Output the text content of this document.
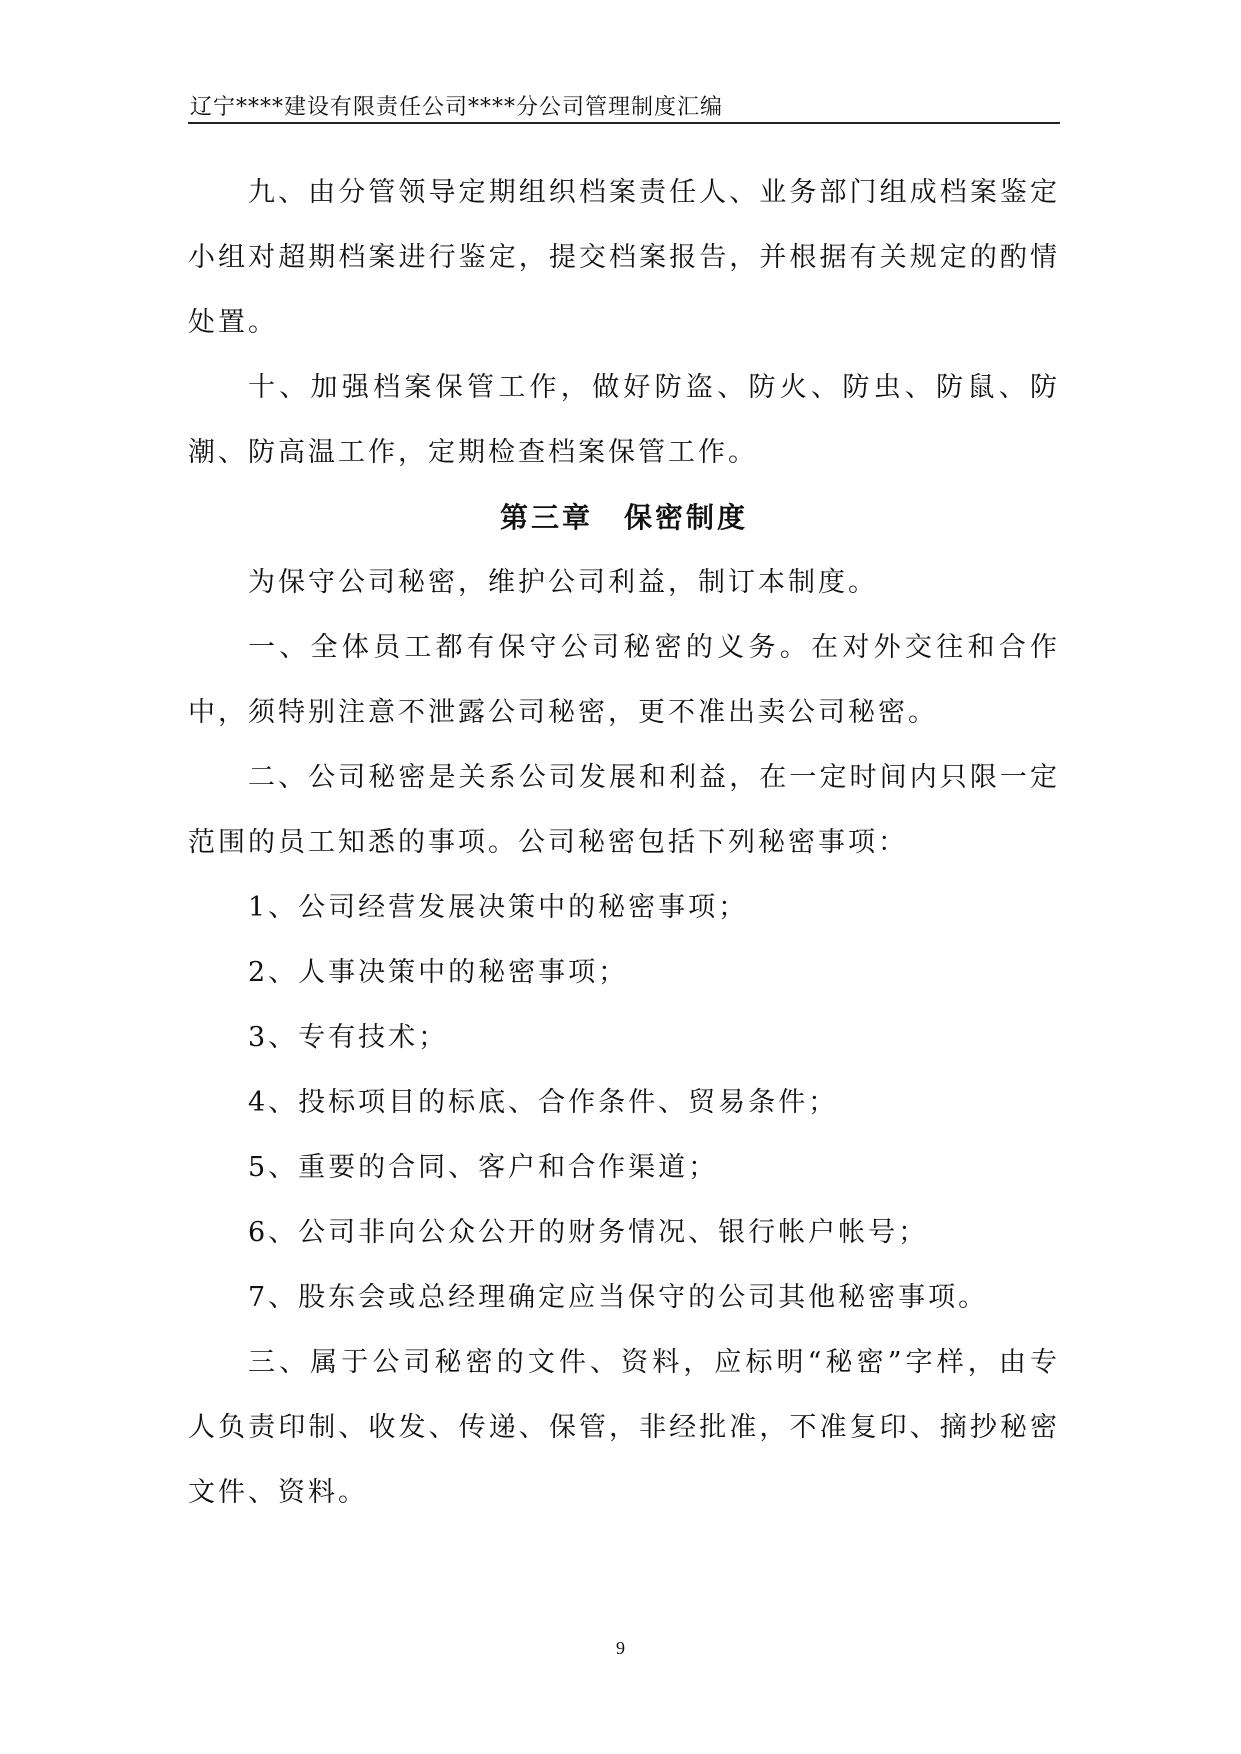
辽宁****建设有限责任公司****分公司管理制度汇编

九、由分管领导定期组织档案责任人、业务部门组成档案鉴定小组对超期档案进行鉴定，提交档案报告，并根据有关规定的酌情处置。

十、加强档案保管工作，做好防盗、防火、防虫、防鼠、防潮、防高温工作，定期检查档案保管工作。

第三章　保密制度

为保守公司秘密，维护公司利益，制订本制度。

一、全体员工都有保守公司秘密的义务。在对外交往和合作中，须特别注意不泄露公司秘密，更不准出卖公司秘密。

二、公司秘密是关系公司发展和利益，在一定时间内只限一定范围的员工知悉的事项。公司秘密包括下列秘密事项：

1、公司经营发展决策中的秘密事项；

2、人事决策中的秘密事项；

3、专有技术；

4、投标项目的标底、合作条件、贸易条件；

5、重要的合同、客户和合作渠道；

6、公司非向公众公开的财务情况、银行帐户帐号；

7、股东会或总经理确定应当保守的公司其他秘密事项。

三、属于公司秘密的文件、资料，应标明“秘密”字样，由专人负责印制、收发、传递、保管，非经批准，不准复印、摘抄秘密文件、资料。

9
